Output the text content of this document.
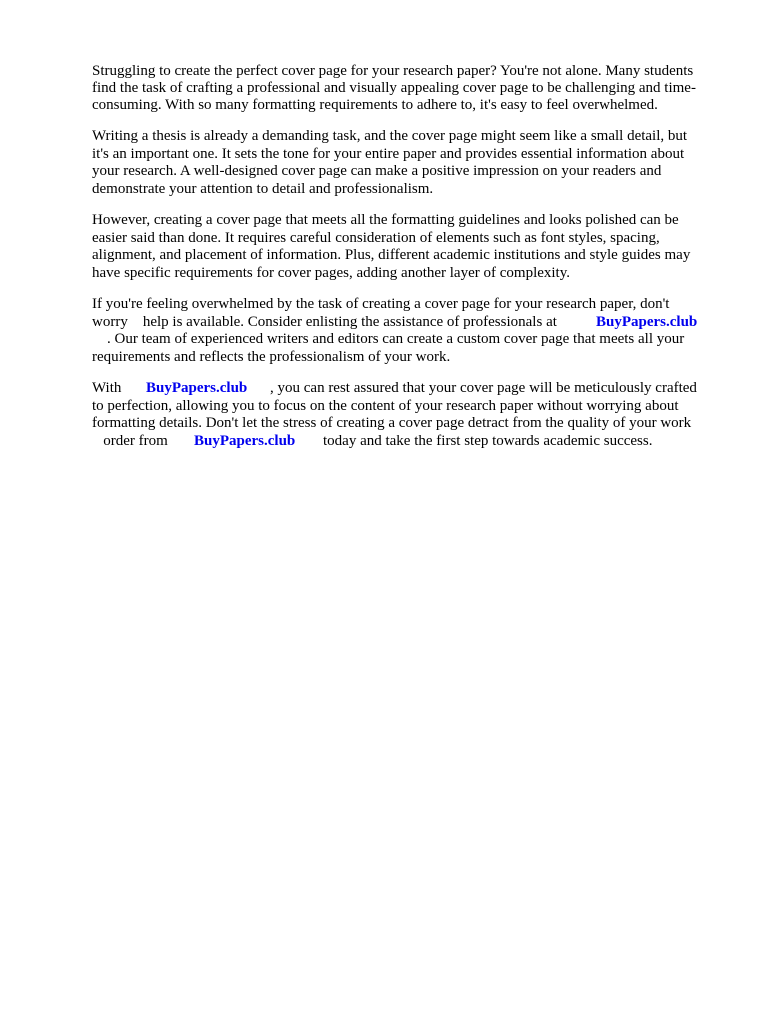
Struggling to create the perfect cover page for your research paper? You're not alone. Many students

find the task of crafting a professional and visually appealing cover page to be challenging and time-

consuming. With so many formatting requirements to adhere to, it's easy to feel overwhelmed.

Writing a thesis is already a demanding task, and the cover page might seem like a small detail, but

it's an important one. It sets the tone for your entire paper and provides essential information about

your research. A well-designed cover page can make a positive impression on your readers and

demonstrate your attention to detail and professionalism.

However, creating a cover page that meets all the formatting guidelines and looks polished can be

easier said than done. It requires careful consideration of elements such as font styles, spacing,

alignment, and placement of information. Plus, different academic institutions and style guides may

have specific requirements for cover pages, adding another layer of complexity.

If you're feeling overwhelmed by the task of creating a cover page for your research paper, don't

worry    help is available. Consider enlisting the assistance of professionals at	BuyPapers.club

. Our team of experienced writers and editors can create a custom cover page that meets all your

requirements and reflects the professionalism of your work.

With BuyPapers.club , you can rest assured that your cover page will be meticulously crafted

to perfection, allowing you to focus on the content of your research paper without worrying about

formatting details. Don't let the stress of creating a cover page detract from the quality of your work

order from BuyPapers.club today and take the first step towards academic success.
